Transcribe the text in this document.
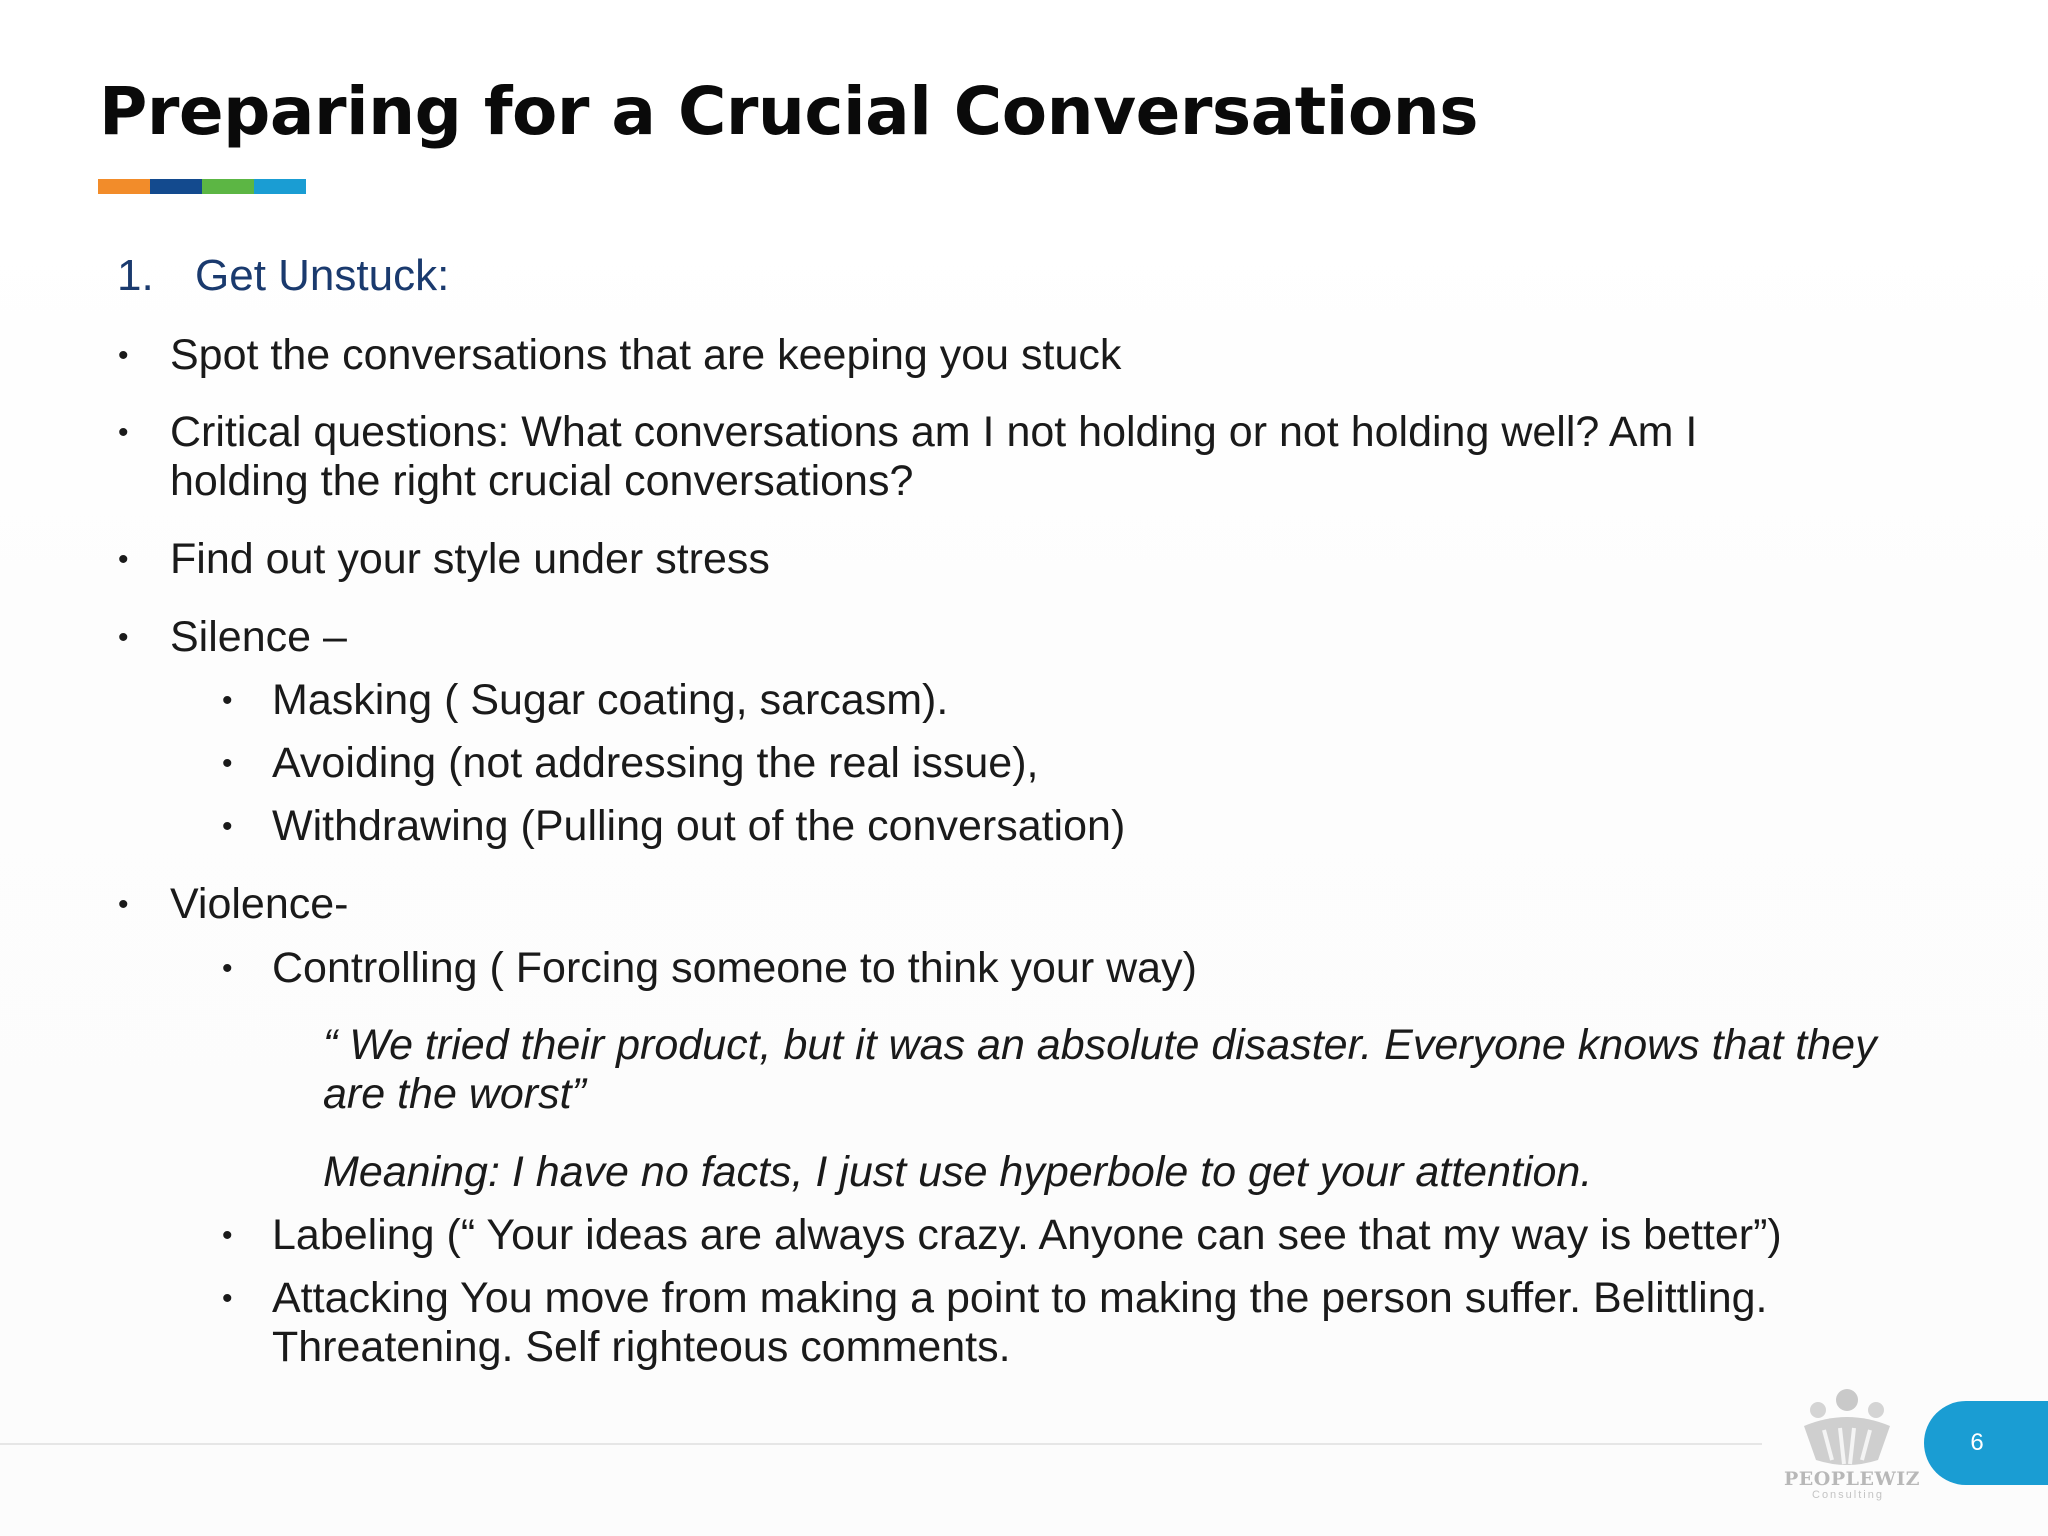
Preparing for a Crucial Conversations
1. Get Unstuck:
• Spot the conversations that are keeping you stuck
• Critical questions: What conversations am I not holding or not holding well? Am I holding the right crucial conversations?
• Find out your style under stress
• Silence –
• Masking ( Sugar coating, sarcasm).
• Avoiding (not addressing the real issue),
• Withdrawing (Pulling out of the conversation)
• Violence-
• Controlling ( Forcing someone to think your way)
“ We tried their product, but it was an absolute disaster. Everyone knows that they are the worst”
Meaning: I have no facts, I just use hyperbole to get your attention.
• Labeling (“ Your ideas are always crazy. Anyone can see that my way is better”)
• Attacking You move from making a point to making the person suffer. Belittling. Threatening. Self righteous comments.
PEOPLEWIZ
Consulting
6
